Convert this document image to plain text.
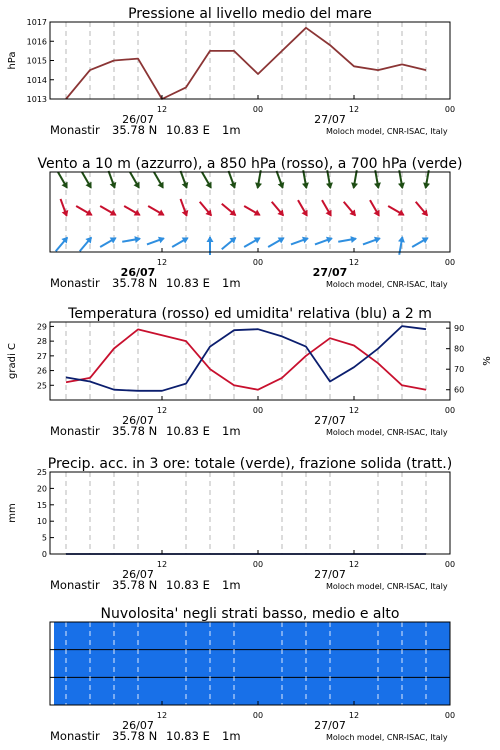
1017
1016
1015
1014
1013
Pressione al livello medio del mare
hPa
12	00	12	00
26/07	27/07
Monastir 35.78 N 10.83 E 1m	Moloch model, CNR-ISAC, Italy
Vento a 10 m (azzurro), a 850 hPa (rosso), a 700 hPa (verde)
12	00	12	00
26/07	27/07
Monastir 35.78 N 10.83 E 1m	Moloch model, CNR-ISAC, Italy
29
28
27
26
25
90
80
70
60
Temperatura (rosso) ed umidita' relativa (blu) a 2 m
gradi C	%
12	00	12	00
26/07	27/07
Monastir 35.78 N 10.83 E 1m	Moloch model, CNR-ISAC, Italy
25
20
15
10
5
0
Precip. acc. in 3 ore: totale (verde), frazione solida (tratt.)
mm
12	00	12	00
26/07	27/07
Monastir 35.78 N 10.83 E 1m	Moloch model, CNR-ISAC, Italy
Nuvolosita' negli strati basso, medio e alto
12	00	12	00
26/07	27/07
Monastir 35.78 N 10.83 E 1m	Moloch model, CNR-ISAC, Italy
